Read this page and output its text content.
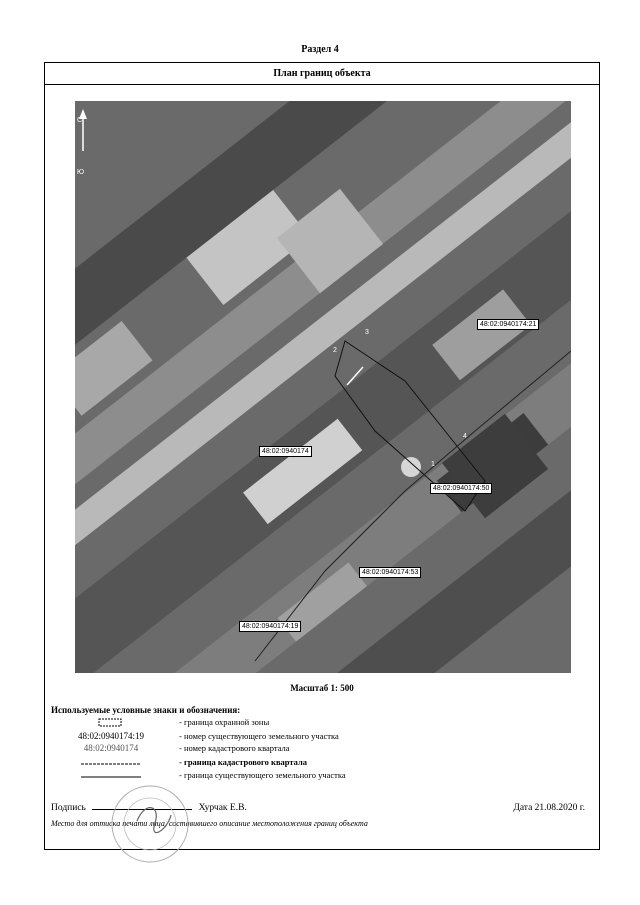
Раздел 4
План границ объекта
С
Ю
48:02:0940174:21
48:02:0940174
48:02:0940174:50
48:02:0940174:53
48:02:0940174:19
1
2
3
4
Масштаб 1: 500
Используемые условные знаки и обозначения:
- граница охранной зоны
48:02:0940174:19	- номер существующего земельного участка
48:02:0940174	- номер кадастрового квартала
- граница кадастрового квартала
- граница существующего земельного участка
Подпись	Хурчак Е.В.	Дата 21.08.2020 г.
Место для оттиска печати лица, составившего описание местоположения границ объекта
